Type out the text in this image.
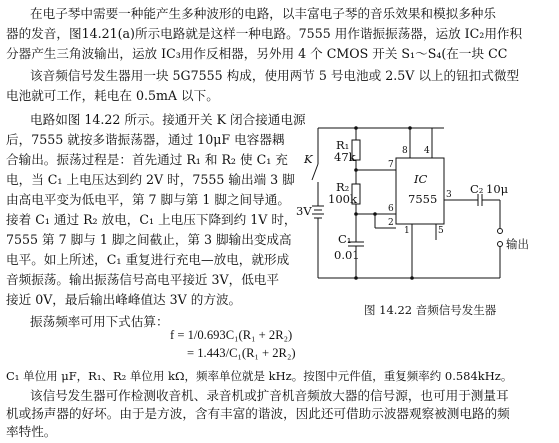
在电子琴中需要一种能产生多种波形的电路，以丰富电子琴的音乐效果和模拟多种乐
器的发音，图14.21(a)所示电路就是这样一种电路。7555 用作谐振振荡器，运放 IC₂用作积
分器产生三角波输出，运放 IC₃用作反相器，另外用 4 个 CMOS 开关 S₁～S₄(在一块 CC
该音频信号发生器用一块 5G7555 构成，使用两节 5 号电池或 2.5V 以上的钮扣式微型
电池就可工作，耗电在 0.5mA 以下。
电路如图 14.22 所示。接通开关 K 闭合接通电源
后，7555 就按多谐振荡器，通过 10μF 电容器耦
合输出。振荡过程是：首先通过 R₁ 和 R₂ 使 C₁ 充
电，当 C₁ 上电压达到约 2V 时，7555 输出端 3 脚
由高电平变为低电平，第 7 脚与第 1 脚之间导通。
接着 C₁ 通过 R₂ 放电，C₁ 上电压下降到约 1V 时，
7555 第 7 脚与 1 脚之间截止，第 3 脚输出变成高
电平。如上所述，C₁ 重复进行充电—放电，就形成
音频振荡。输出振荡信号高电平接近 3V，低电平
接近 0V，最后输出峰峰值达 3V 的方波。
振荡频率可用下式估算：
f = 1/0.693C₁(R₁ + 2R₂)
= 1.443/C₁(R₁ + 2R₂)
C₁ 单位用 μF，R₁、R₂ 单位用 kΩ，频率单位就是 kHz。按图中元件值，重复频率约 0.584kHz。
该信号发生器可作检测收音机、录音机或扩音机音频放大器的信号源，也可用于测量耳
机或扬声器的好坏。由于是方波，含有丰富的谐波，因此还可借助示波器观察被测电路的频
率特性。
K
3V
R₁
47k
R₂
100k
C₁
0.01
C₂ 10μ
IC
7555
8 4
7
6
2
3
1	5
输出
图 14.22 音频信号发生器
